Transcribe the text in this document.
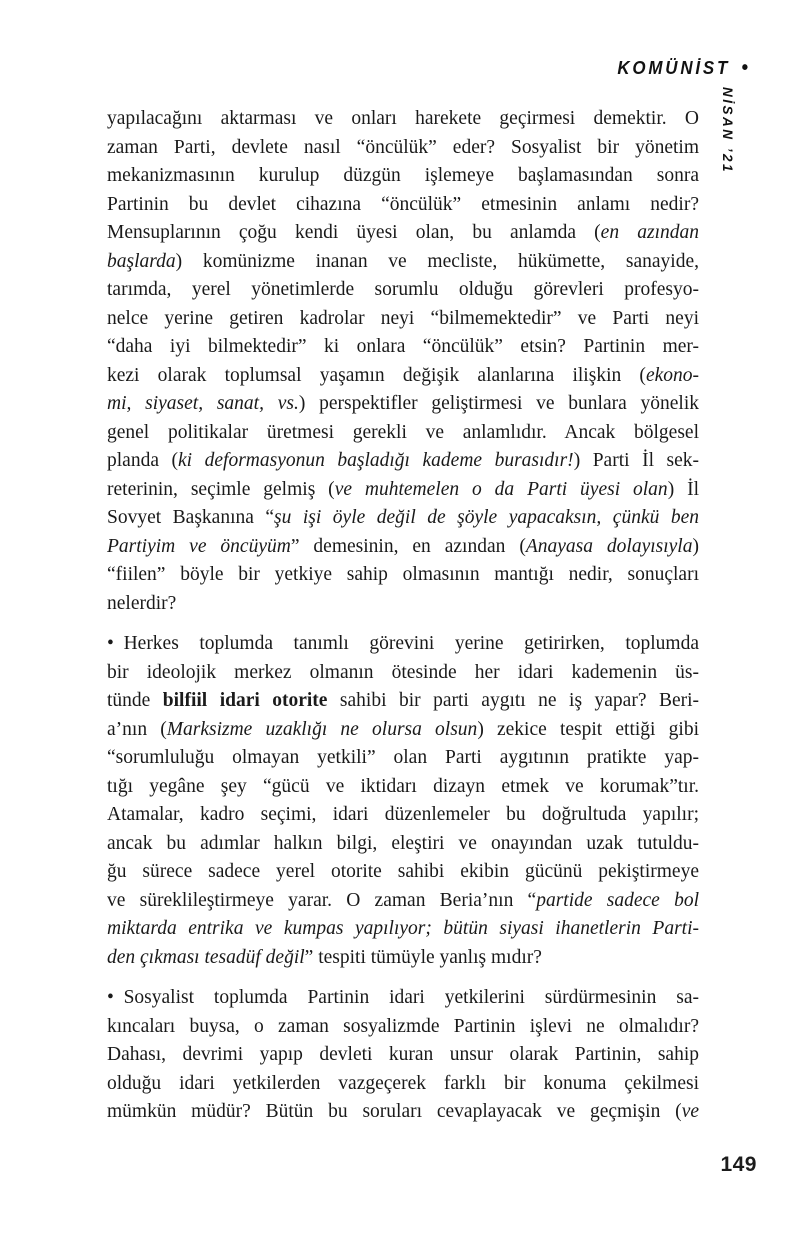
KOMÜNİST •
NİSAN ’21
yapılacağını aktarması ve onları harekete geçirmesi demektir. O
zaman Parti, devlete nasıl “öncülük” eder? Sosyalist bir yönetim
mekanizmasının kurulup düzgün işlemeye başlamasından sonra
Partinin bu devlet cihazına “öncülük” etmesinin anlamı nedir?
Mensuplarının çoğu kendi üyesi olan, bu anlamda (en azından
başlarda) komünizme inanan ve mecliste, hükümette, sanayide,
tarımda, yerel yönetimlerde sorumlu olduğu görevleri profesyo-
nelce yerine getiren kadrolar neyi “bilmemektedir” ve Parti neyi
“daha iyi bilmektedir” ki onlara “öncülük” etsin? Partinin mer-
kezi olarak toplumsal yaşamın değişik alanlarına ilişkin (ekono-
mi, siyaset, sanat, vs.) perspektifler geliştirmesi ve bunlara yönelik
genel politikalar üretmesi gerekli ve anlamlıdır. Ancak bölgesel
planda (ki deformasyonun başladığı kademe burasıdır!) Parti İl sek-
reterinin, seçimle gelmiş (ve muhtemelen o da Parti üyesi olan) İl
Sovyet Başkanına “şu işi öyle değil de şöyle yapacaksın, çünkü ben
Partiyim ve öncüyüm” demesinin, en azından (Anayasa dolayısıyla)
“fiilen” böyle bir yetkiye sahip olmasının mantığı nedir, sonuçları
nelerdir?
• Herkes toplumda tanımlı görevini yerine getirirken, toplumda
bir ideolojik merkez olmanın ötesinde her idari kademenin üs-
tünde bilfiil idari otorite sahibi bir parti aygıtı ne iş yapar? Beri-
a’nın (Marksizme uzaklığı ne olursa olsun) zekice tespit ettiği gibi
“sorumluluğu olmayan yetkili” olan Parti aygıtının pratikte yap-
tığı yegâne şey “gücü ve iktidarı dizayn etmek ve korumak”tır.
Atamalar, kadro seçimi, idari düzenlemeler bu doğrultuda yapılır;
ancak bu adımlar halkın bilgi, eleştiri ve onayından uzak tutuldu-
ğu sürece sadece yerel otorite sahibi ekibin gücünü pekiştirmeye
ve süreklileştirmeye yarar. O zaman Beria’nın “partide sadece bol
miktarda entrika ve kumpas yapılıyor; bütün siyasi ihanetlerin Parti-
den çıkması tesadüf değil” tespiti tümüyle yanlış mıdır?
• Sosyalist toplumda Partinin idari yetkilerini sürdürmesinin sa-
kıncaları buysa, o zaman sosyalizmde Partinin işlevi ne olmalıdır?
Dahası, devrimi yapıp devleti kuran unsur olarak Partinin, sahip
olduğu idari yetkilerden vazgeçerek farklı bir konuma çekilmesi
mümkün müdür? Bütün bu soruları cevaplayacak ve geçmişin (ve
149
